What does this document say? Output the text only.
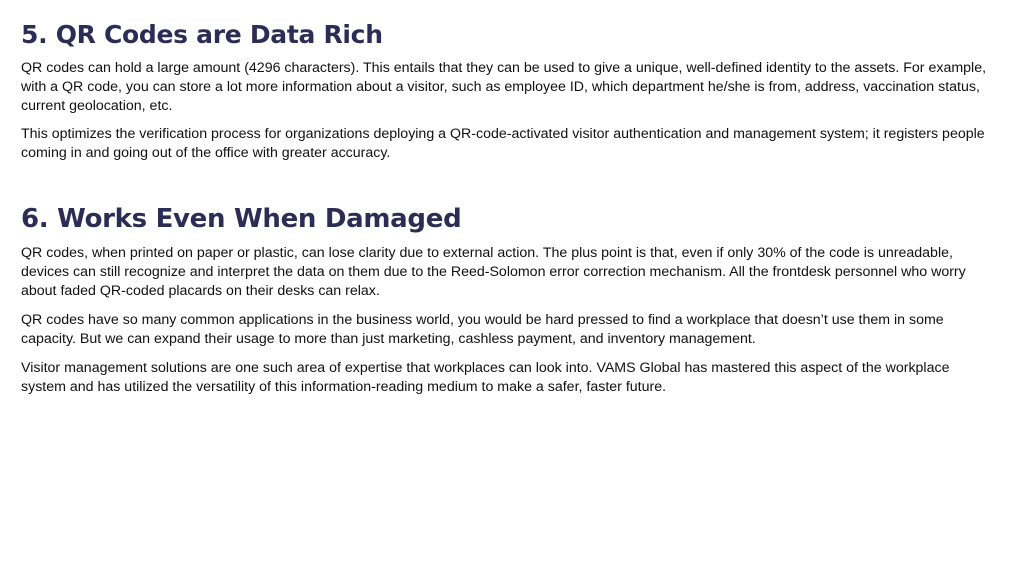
5. QR Codes are Data Rich

QR codes can hold a large amount (4296 characters). This entails that they can be used to give a unique, well-defined identity to the assets. For example, with a QR code, you can store a lot more information about a visitor, such as employee ID, which department he/she is from, address, vaccination status, current geolocation, etc.

This optimizes the verification process for organizations deploying a QR-code-activated visitor authentication and management system; it registers people coming in and going out of the office with greater accuracy.

6. Works Even When Damaged

QR codes, when printed on paper or plastic, can lose clarity due to external action. The plus point is that, even if only 30% of the code is unreadable, devices can still recognize and interpret the data on them due to the Reed-Solomon error correction mechanism. All the frontdesk personnel who worry about faded QR-coded placards on their desks can relax.

QR codes have so many common applications in the business world, you would be hard pressed to find a workplace that doesn’t use them in some capacity. But we can expand their usage to more than just marketing, cashless payment, and inventory management.

Visitor management solutions are one such area of expertise that workplaces can look into. VAMS Global has mastered this aspect of the workplace system and has utilized the versatility of this information-reading medium to make a safer, faster future.
